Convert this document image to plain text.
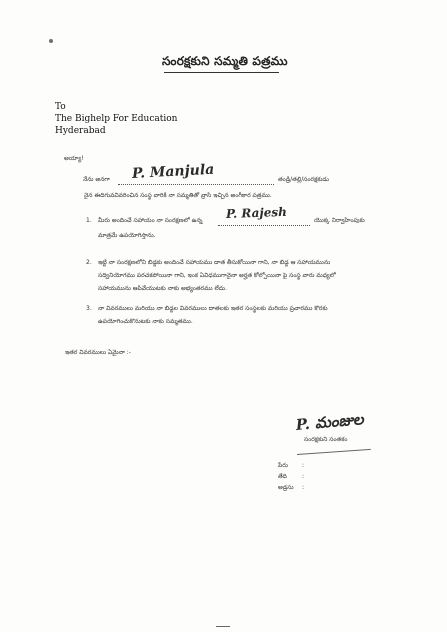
సంరక్షకుని సమ్మతి పత్రము
To
The Bighelp For Education
Hyderabad
అయ్యా!
నేను అనగా P. Manjula	తండ్రి/తల్లి/సంరక్షకుడు
నైన ఈదిగువవివరించిన సంస్థ వారికి నా సమ్మతితో వ్రాసి ఇచ్చిన అంగీకార పత్రము.
1. మీరు అందించే సహాయం నా సంరక్షణలో ఉన్న P. Rajesh	యొక్క నిర్వాహింపుకు
మాత్రమే ఉపయోగిస్తాను.
2. ఇట్టి నా సంరక్షణలోని బిడ్డకు అందించే సహాయము దాత తీసుకోయినా గాని, నా బిడ్డ ఆ సహాయమును
సద్వినియోగము పరచకపోయినా గాని, ఇంక ఏవిధముగానైనా అర్హత కోల్పోయినా పై సంస్థ వారు మధ్యలో
సహాయమును ఆపివేయుటకు నాకు అభ్యంతరము లేదు.
3. నా వివరములు మరియు నా బిడ్డల వివరములు దాతలకు ఇతర సంస్థలకు మరియు ప్రచారము కొరకు
ఉపయోగించుకొనుటకు నాకు సమ్మతము.
ఇతర వివరములు ఏమైనా :-
P. మంజుల
సంరక్షకుని సంతకం
పేరు :
తేది	:
అడ్రసు :
